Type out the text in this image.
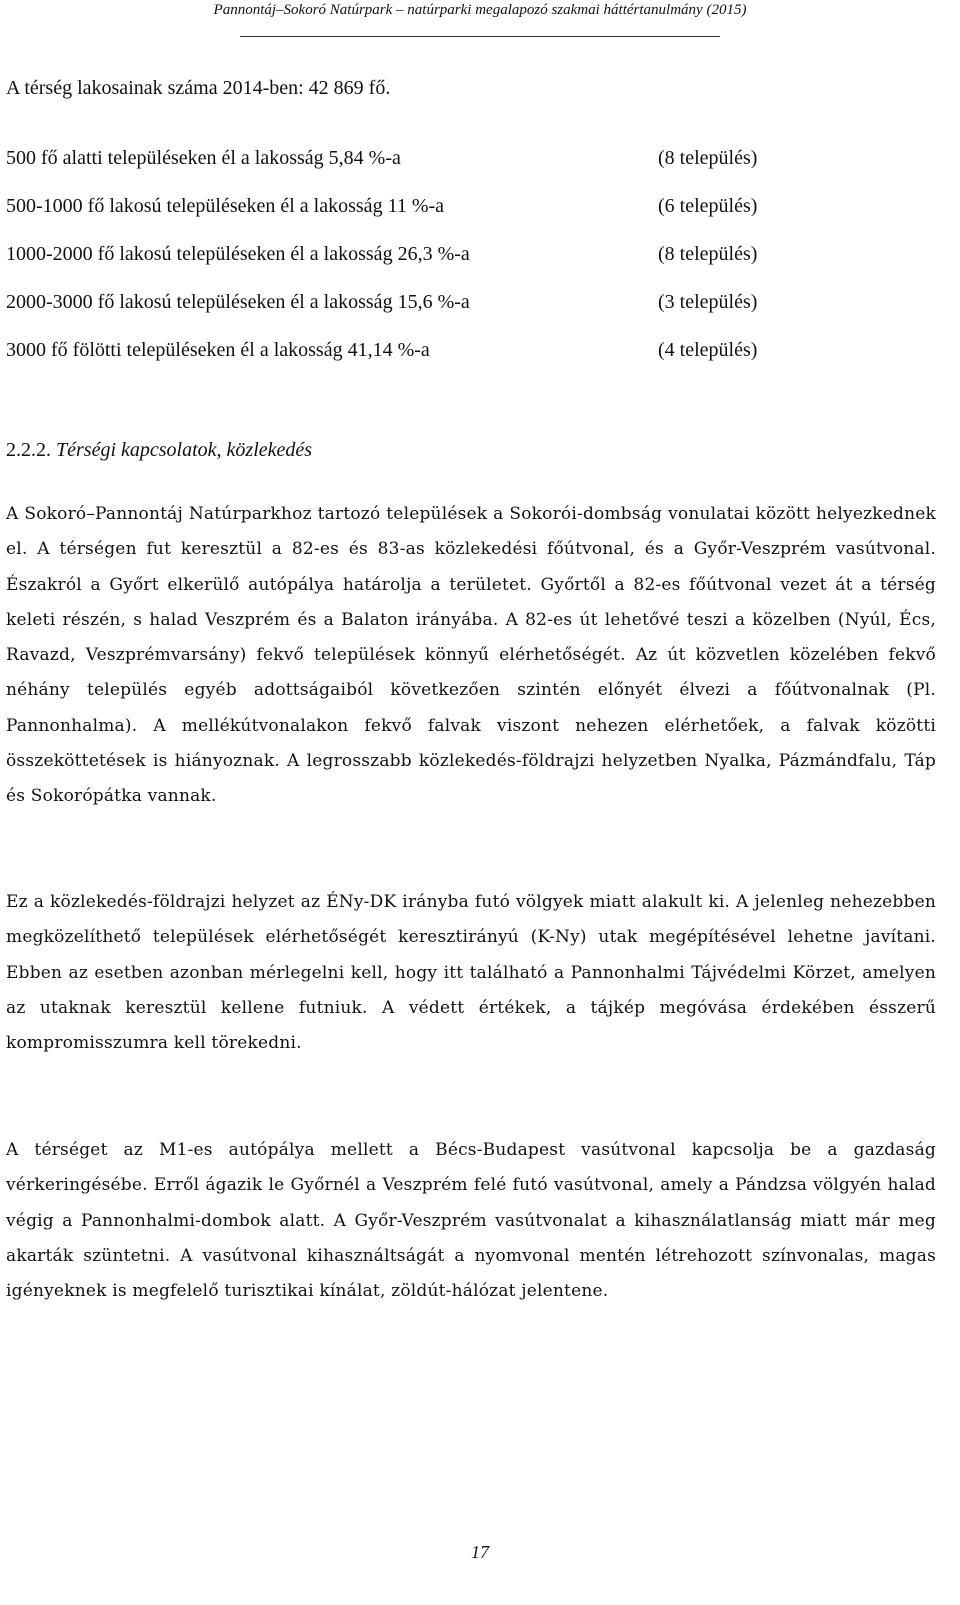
Pannontáj–Sokoró Natúrpark – natúrparki megalapozó szakmai háttértanulmány (2015)

A térség lakosainak száma 2014-ben: 42 869 fő.

500 fő alatti településeken él a lakosság 5,84 %-a	(8 település)
500-1000 fő lakosú településeken él a lakosság 11 %-a	(6 település)
1000-2000 fő lakosú településeken él a lakosság 26,3 %-a	(8 település)
2000-3000 fő lakosú településeken él a lakosság 15,6 %-a	(3 település)
3000 fő fölötti településeken él a lakosság 41,14 %-a	(4 település)
2.2.2. Térségi kapcsolatok, közlekedés

A Sokoró–Pannontáj Natúrparkhoz tartozó települések a Sokorói-dombság vonulatai között helyezkednek el. A térségen fut keresztül a 82-es és 83-as közlekedési főútvonal, és a Győr-Veszprém vasútvonal. Északról a Győrt elkerülő autópálya határolja a területet. Győrtől a 82-es főútvonal vezet át a térség keleti részén, s halad Veszprém és a Balaton irányába. A 82-es út lehetővé teszi a közelben (Nyúl, Écs, Ravazd, Veszprémvarsány) fekvő települések könnyű elérhetőségét. Az út közvetlen közelében fekvő néhány település egyéb adottságaiból következően szintén előnyét élvezi a főútvonalnak (Pl. Pannonhalma). A mellékútvonalakon fekvő falvak viszont nehezen elérhetőek, a falvak közötti összeköttetések is hiányoznak. A legrosszabb közlekedés-földrajzi helyzetben Nyalka, Pázmándfalu, Táp és Sokorópátka vannak.

Ez a közlekedés-földrajzi helyzet az ÉNy-DK irányba futó völgyek miatt alakult ki. A jelenleg nehezebben megközelíthető települések elérhetőségét keresztirányú (K-Ny) utak megépítésével lehetne javítani. Ebben az esetben azonban mérlegelni kell, hogy itt található a Pannonhalmi Tájvédelmi Körzet, amelyen az utaknak keresztül kellene futniuk. A védett értékek, a tájkép megóvása érdekében ésszerű kompromisszumra kell törekedni.

A térséget az M1-es autópálya mellett a Bécs-Budapest vasútvonal kapcsolja be a gazdaság vérkeringésébe. Erről ágazik le Győrnél a Veszprém felé futó vasútvonal, amely a Pándzsa völgyén halad végig a Pannonhalmi-dombok alatt. A Győr-Veszprém vasútvonalat a kihasználatlanság miatt már meg akarták szüntetni. A vasútvonal kihasználtságát a nyomvonal mentén létrehozott színvonalas, magas igényeknek is megfelelő turisztikai kínálat, zöldút-hálózat jelentene.

17
